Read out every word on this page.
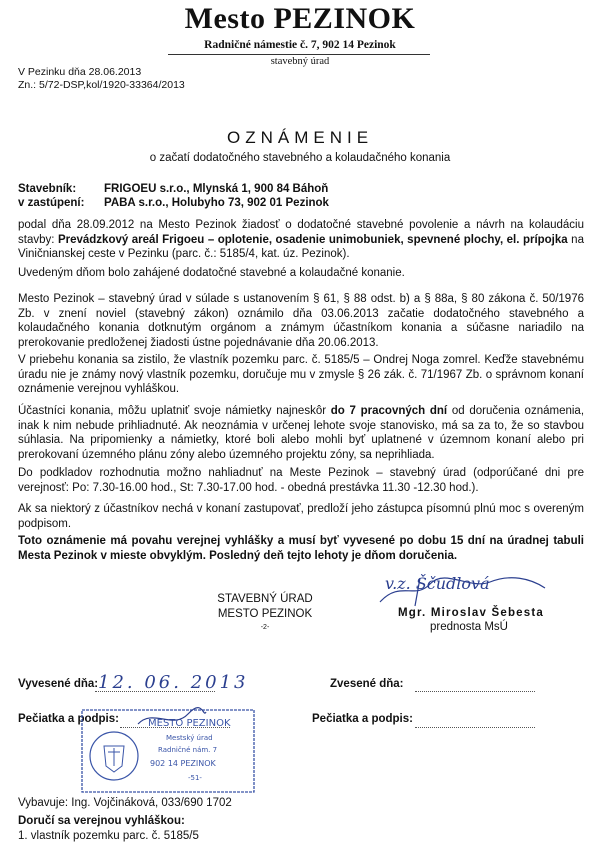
Mesto PEZINOK
Radničné námestie č. 7, 902 14 Pezinok
stavebný úrad
V Pezinku dňa 28.06.2013
Zn.: 5/72-DSP,kol/1920-33364/2013
OZNÁMENIE
o začatí dodatočného stavebného a kolaudačného konania
Stavebník: FRIGOEU s.r.o., Mlynská 1, 900 84 Báhoň
v zastúpení: PABA s.r.o., Holubyho 73, 902 01 Pezinok
podal dňa 28.09.2012 na Mesto Pezinok žiadosť o dodatočné stavebné povolenie a návrh na kolaudáciu stavby: Prevádzkový areál Frigoeu – oplotenie, osadenie unimobuniek, spevnené plochy, el. prípojka na Viničnianskej ceste v Pezinku (parc. č.: 5185/4, kat. úz. Pezinok).
Uvedeným dňom bolo zahájené dodatočné stavebné a kolaudačné konanie.
Mesto Pezinok – stavebný úrad v súlade s ustanovením § 61, § 88 odst. b) a § 88a, § 80 zákona č. 50/1976 Zb. v znení noviel (stavebný zákon) oznámilo dňa 03.06.2013 začatie dodatočného stavebného a kolaudačného konania dotknutým orgánom a známym účastníkom konania a súčasne nariadilo na prerokovanie predloženej žiadosti ústne pojednávanie dňa 20.06.2013.
V priebehu konania sa zistilo, že vlastník pozemku parc. č. 5185/5 – Ondrej Noga zomrel. Keďže stavebnému úradu nie je známy nový vlastník pozemku, doručuje mu v zmysle § 26 zák. č. 71/1967 Zb. o správnom konaní oznámenie verejnou vyhláškou.
Účastníci konania, môžu uplatniť svoje námietky najneskôr do 7 pracovných dní od doručenia oznámenia, inak k nim nebude prihliadnuté. Ak neoznámia v určenej lehote svoje stanovisko, má sa za to, že so stavbou súhlasia. Na pripomienky a námietky, ktoré boli alebo mohli byť uplatnené v územnom konaní alebo pri prerokovaní územného plánu zóny alebo územného projektu zóny, sa neprihliada.
Do podkladov rozhodnutia možno nahliadnuť na Meste Pezinok – stavebný úrad (odporúčané dni pre verejnosť: Po: 7.30-16.00 hod., St: 7.30-17.00 hod. - obedná prestávka 11.30 -12.30 hod.).
Ak sa niektorý z účastníkov nechá v konaní zastupovať, predloží jeho zástupca písomnú plnú moc s overeným podpisom.
Toto oznámenie má povahu verejnej vyhlášky a musí byť vyvesené po dobu 15 dní na úradnej tabuli Mesta Pezinok v mieste obvyklým. Posledný deň tejto lehoty je dňom doručenia.
STAVEBNÝ ÚRAD
MESTO PEZINOK
-2-
v.z. Ščudlová
Mgr. Miroslav Šebesta
prednosta MsÚ
Vyvesené dňa: 12. 06. 2013	Zvesené dňa:
Pečiatka a podpis:	Pečiatka a podpis:
MESTO PEZINOK
Mestský úrad
Radničné nám. 7
902 14 PEZINOK
-51-
Vybavuje: Ing. Vojčináková, 033/690 1702
Doručí sa verejnou vyhláškou:
1. vlastník pozemku parc. č. 5185/5
